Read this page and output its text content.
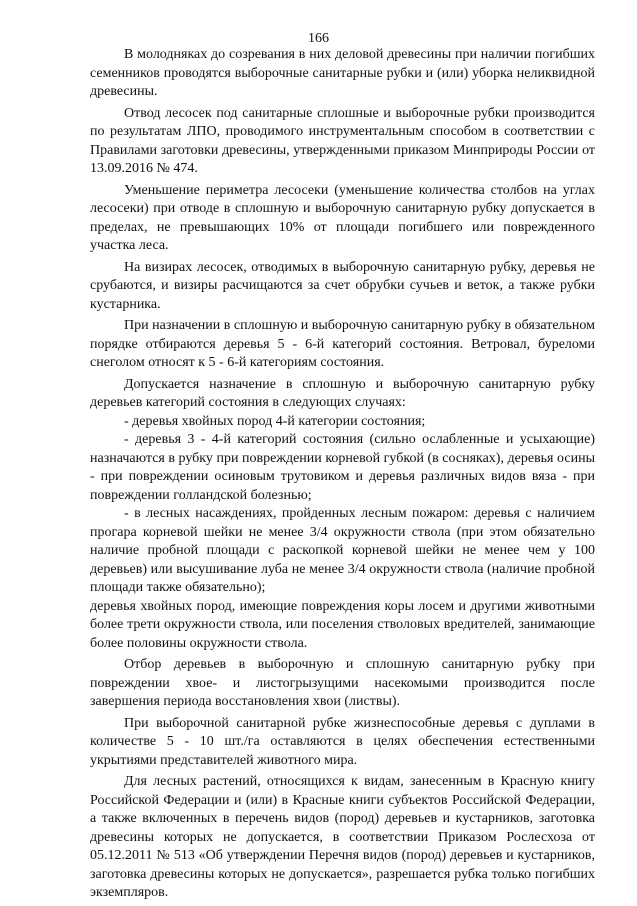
166

В молодняках до созревания в них деловой древесины при наличии погибших семенников проводятся выборочные санитарные рубки и (или) уборка неликвидной древесины.

Отвод лесосек под санитарные сплошные и выборочные рубки производится по результатам ЛПО, проводимого инструментальным способом в соответствии с Правилами заготовки древесины, утвержденными приказом Минприроды России от 13.09.2016 № 474.

Уменьшение периметра лесосеки (уменьшение количества столбов на углах лесосеки) при отводе в сплошную и выборочную санитарную рубку допускается в пределах, не превышающих 10% от площади погибшего или поврежденного участка леса.

На визирах лесосек, отводимых в выборочную санитарную рубку, деревья не срубаются, и визиры расчищаются за счет обрубки сучьев и веток, а также рубки кустарника.

При назначении в сплошную и выборочную санитарную рубку в обязательном порядке отбираются деревья 5 - 6-й категорий состояния. Ветровал, буреломи снеголом относят к 5 - 6-й категориям состояния.

Допускается назначение в сплошную и выборочную санитарную рубку деревьев категорий состояния в следующих случаях:

- деревья хвойных пород 4-й категории состояния;

- деревья 3 - 4-й категорий состояния (сильно ослабленные и усыхающие) назначаются в рубку при повреждении корневой губкой (в сосняках), деревья осины - при повреждении осиновым трутовиком и деревья различных видов вяза - при повреждении голландской болезнью;

- в лесных насаждениях, пройденных лесным пожаром: деревья с наличием прогара корневой шейки не менее 3/4 окружности ствола (при этом обязательно наличие пробной площади с раскопкой корневой шейки не менее чем у 100 деревьев) или высушивание луба не менее 3/4 окружности ствола (наличие пробной площади также обязательно);

деревья хвойных пород, имеющие повреждения коры лосем и другими животными более трети окружности ствола, или поселения стволовых вредителей, занимающие более половины окружности ствола.

Отбор деревьев в выборочную и сплошную санитарную рубку при повреждении хвое- и листогрызущими насекомыми производится после завершения периода восстановления хвои (листвы).

При выборочной санитарной рубке жизнеспособные деревья с дуплами в количестве 5 - 10 шт./га оставляются в целях обеспечения естественными укрытиями представителей животного мира.

Для лесных растений, относящихся к видам, занесенным в Красную книгу Российской Федерации и (или) в Красные книги субъектов Российской Федерации, а также включенных в перечень видов (пород) деревьев и кустарников, заготовка древесины которых не допускается, в соответствии Приказом Рослесхоза от 05.12.2011 № 513 «Об утверждении Перечня видов (пород) деревьев и кустарников, заготовка древесины которых не допускается», разрешается рубка только погибших экземпляров.
